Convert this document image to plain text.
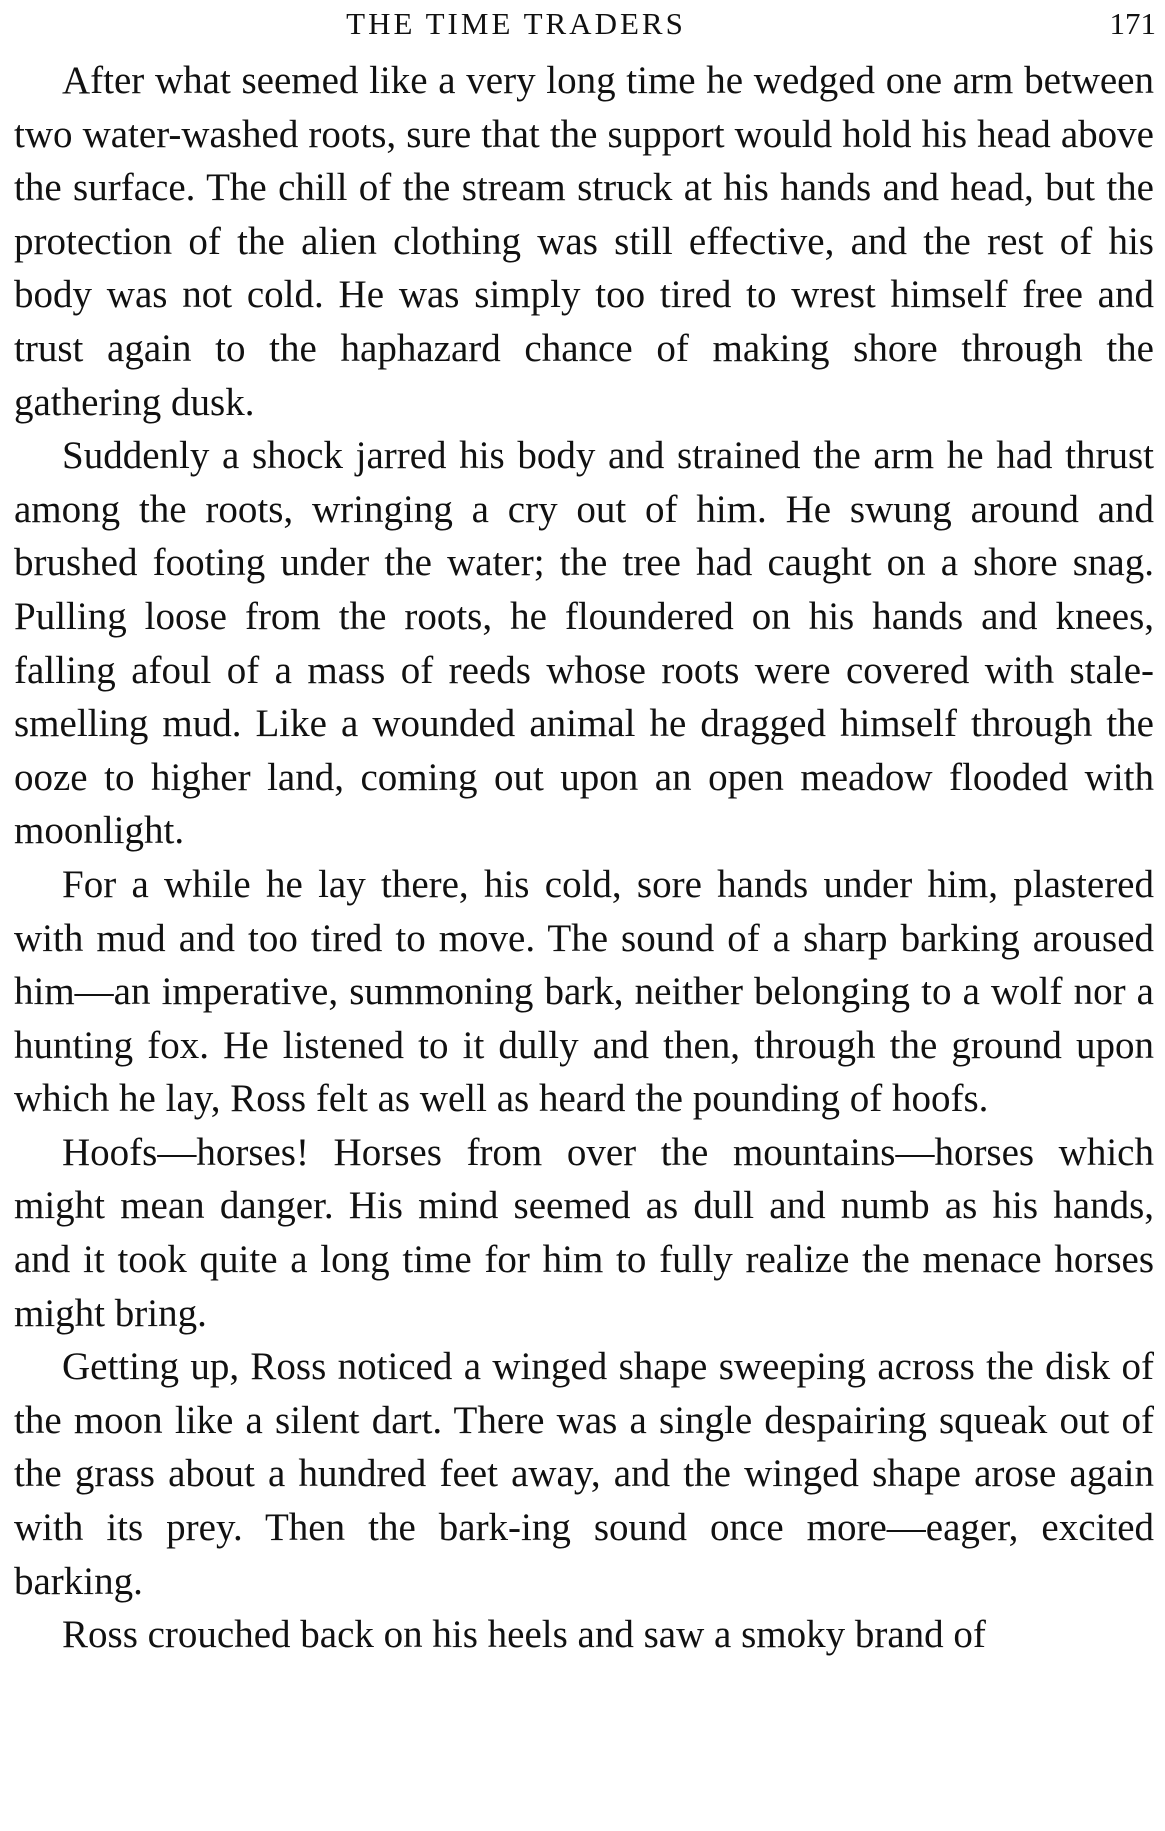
THE TIME TRADERS	171

After what seemed like a very long time he wedged one arm between two water-washed roots, sure that the support would hold his head above the surface. The chill of the stream struck at his hands and head, but the protection of the alien clothing was still effective, and the rest of his body was not cold. He was simply too tired to wrest himself free and trust again to the haphazard chance of making shore through the gathering dusk.

Suddenly a shock jarred his body and strained the arm he had thrust among the roots, wringing a cry out of him. He swung around and brushed footing under the water; the tree had caught on a shore snag. Pulling loose from the roots, he floundered on his hands and knees, falling afoul of a mass of reeds whose roots were covered with stale-smelling mud. Like a wounded animal he dragged himself through the ooze to higher land, coming out upon an open meadow flooded with moonlight.

For a while he lay there, his cold, sore hands under him, plastered with mud and too tired to move. The sound of a sharp barking aroused him—an imperative, summoning bark, neither belonging to a wolf nor a hunting fox. He listened to it dully and then, through the ground upon which he lay, Ross felt as well as heard the pounding of hoofs.

Hoofs—horses! Horses from over the mountains—horses which might mean danger. His mind seemed as dull and numb as his hands, and it took quite a long time for him to fully realize the menace horses might bring.

Getting up, Ross noticed a winged shape sweeping across the disk of the moon like a silent dart. There was a single despairing squeak out of the grass about a hundred feet away, and the winged shape arose again with its prey. Then the bark-ing sound once more—eager, excited barking.

Ross crouched back on his heels and saw a smoky brand of
